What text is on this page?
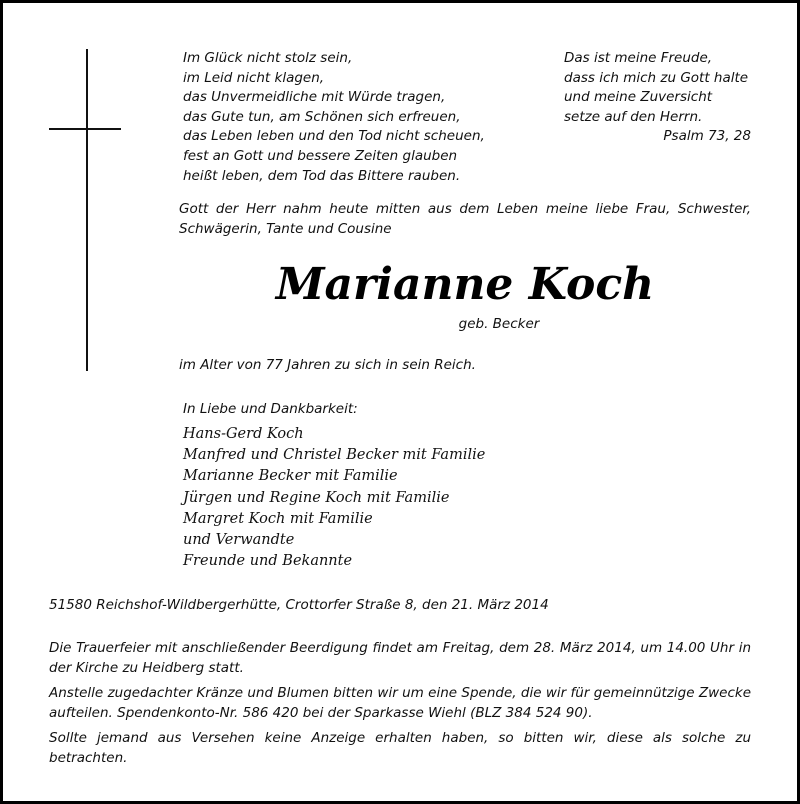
Im Glück nicht stolz sein,
im Leid nicht klagen,
das Unvermeidliche mit Würde tragen,
das Gute tun, am Schönen sich erfreuen,
das Leben leben und den Tod nicht scheuen,
fest an Gott und bessere Zeiten glauben
heißt leben, dem Tod das Bittere rauben.
Das ist meine Freude,
dass ich mich zu Gott halte
und meine Zuversicht
setze auf den Herrn.
Psalm 73, 28
Gott der Herr nahm heute mitten aus dem Leben meine liebe Frau, Schwester, Schwägerin, Tante und Cousine
Marianne Koch
geb. Becker
im Alter von 77 Jahren zu sich in sein Reich.
In Liebe und Dankbarkeit:
Hans-Gerd Koch
Manfred und Christel Becker mit Familie
Marianne Becker mit Familie
Jürgen und Regine Koch mit Familie
Margret Koch mit Familie
und Verwandte
Freunde und Bekannte
51580 Reichshof-Wildbergerhütte, Crottorfer Straße 8, den 21. März 2014
Die Trauerfeier mit anschließender Beerdigung findet am Freitag, dem 28. März 2014, um 14.00 Uhr in der Kirche zu Heidberg statt.
Anstelle zugedachter Kränze und Blumen bitten wir um eine Spende, die wir für gemeinnützige Zwecke aufteilen. Spendenkonto-Nr. 586 420 bei der Sparkasse Wiehl (BLZ 384 524 90).
Sollte jemand aus Versehen keine Anzeige erhalten haben, so bitten wir, diese als solche zu betrachten.
